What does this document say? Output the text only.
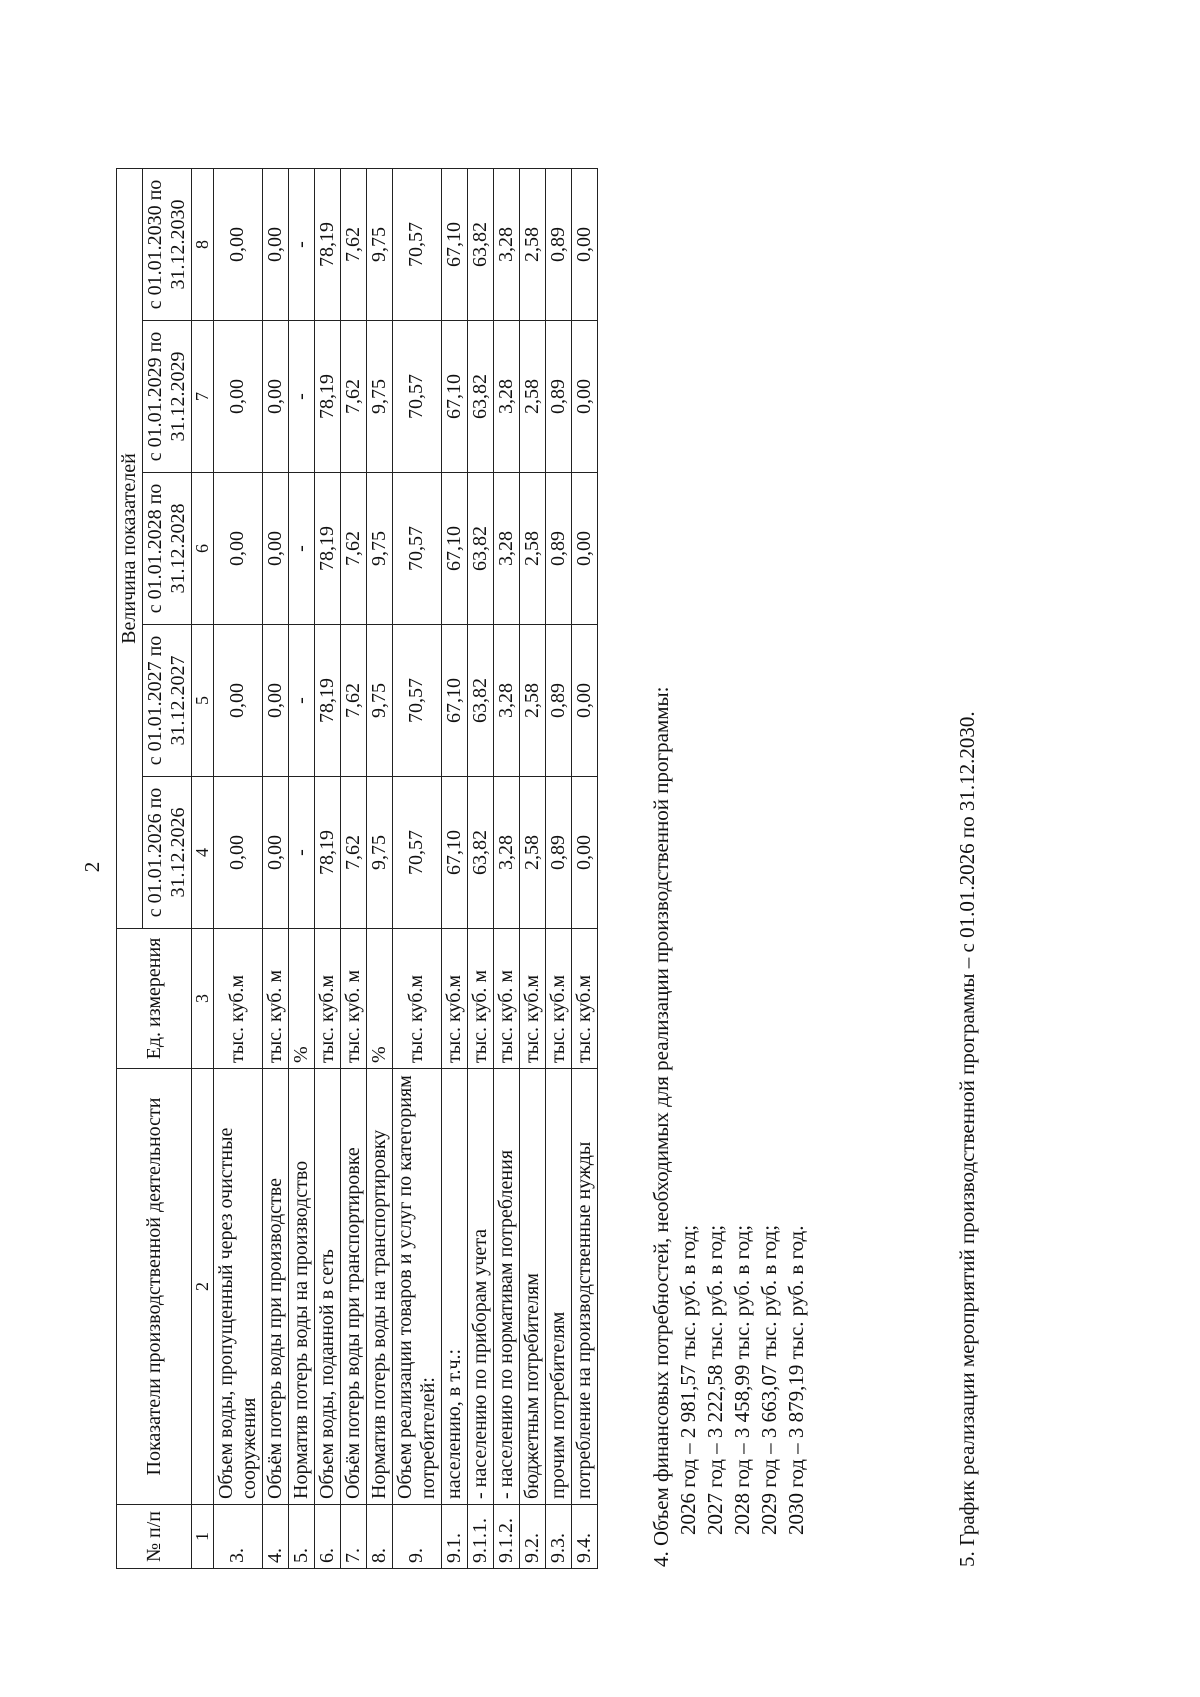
2
№ п/п	Показатели производственной деятельности	Ед. измерения	Величина показателей				
			с 01.01.2026 по 31.12.2026	с 01.01.2027 по 31.12.2027	с 01.01.2028 по 31.12.2028	с 01.01.2029 по 31.12.2029	с 01.01.2030 по 31.12.2030
1	2	3	4	5	6	7	8
3.	Объем воды, пропущенный через очистные сооружения	тыс. куб.м	0,00	0,00	0,00	0,00	0,00
4.	Объём потерь воды при производстве	тыс. куб. м	0,00	0,00	0,00	0,00	0,00
5.	Норматив потерь воды на производство	%	-	-	-	-	-
6.	Объем воды, поданной в сеть	тыс. куб.м	78,19	78,19	78,19	78,19	78,19
7.	Объём потерь воды при транспортировке	тыс. куб. м	7,62	7,62	7,62	7,62	7,62
8.	Норматив потерь воды на транспортировку	%	9,75	9,75	9,75	9,75	9,75
9.	Объем реализации товаров и услуг по категориям потребителей:	тыс. куб.м	70,57	70,57	70,57	70,57	70,57
9.1.	населению, в т.ч.:	тыс. куб.м	67,10	67,10	67,10	67,10	67,10
9.1.1.	- населению по приборам учета	тыс. куб. м	63,82	63,82	63,82	63,82	63,82
9.1.2.	- населению по нормативам потребления	тыс. куб. м	3,28	3,28	3,28	3,28	3,28
9.2.	бюджетным потребителям	тыс. куб.м	2,58	2,58	2,58	2,58	2,58
9.3.	прочим потребителям	тыс. куб.м	0,89	0,89	0,89	0,89	0,89
9.4.	потребление на производственные нужды	тыс. куб.м	0,00	0,00	0,00	0,00	0,00

4. Объем финансовых потребностей, необходимых для реализации производственной программы: 2026 год – 2 981,57 тыс. руб. в год; 2027 год – 3 222,58 тыс. руб. в год; 2028 год – 3 458,99 тыс. руб. в год; 2029 год – 3 663,07 тыс. руб. в год; 2030 год – 3 879,19 тыс. руб. в год.	5. График реализации мероприятий производственной программы – с 01.01.2026 по 31.12.2030.
